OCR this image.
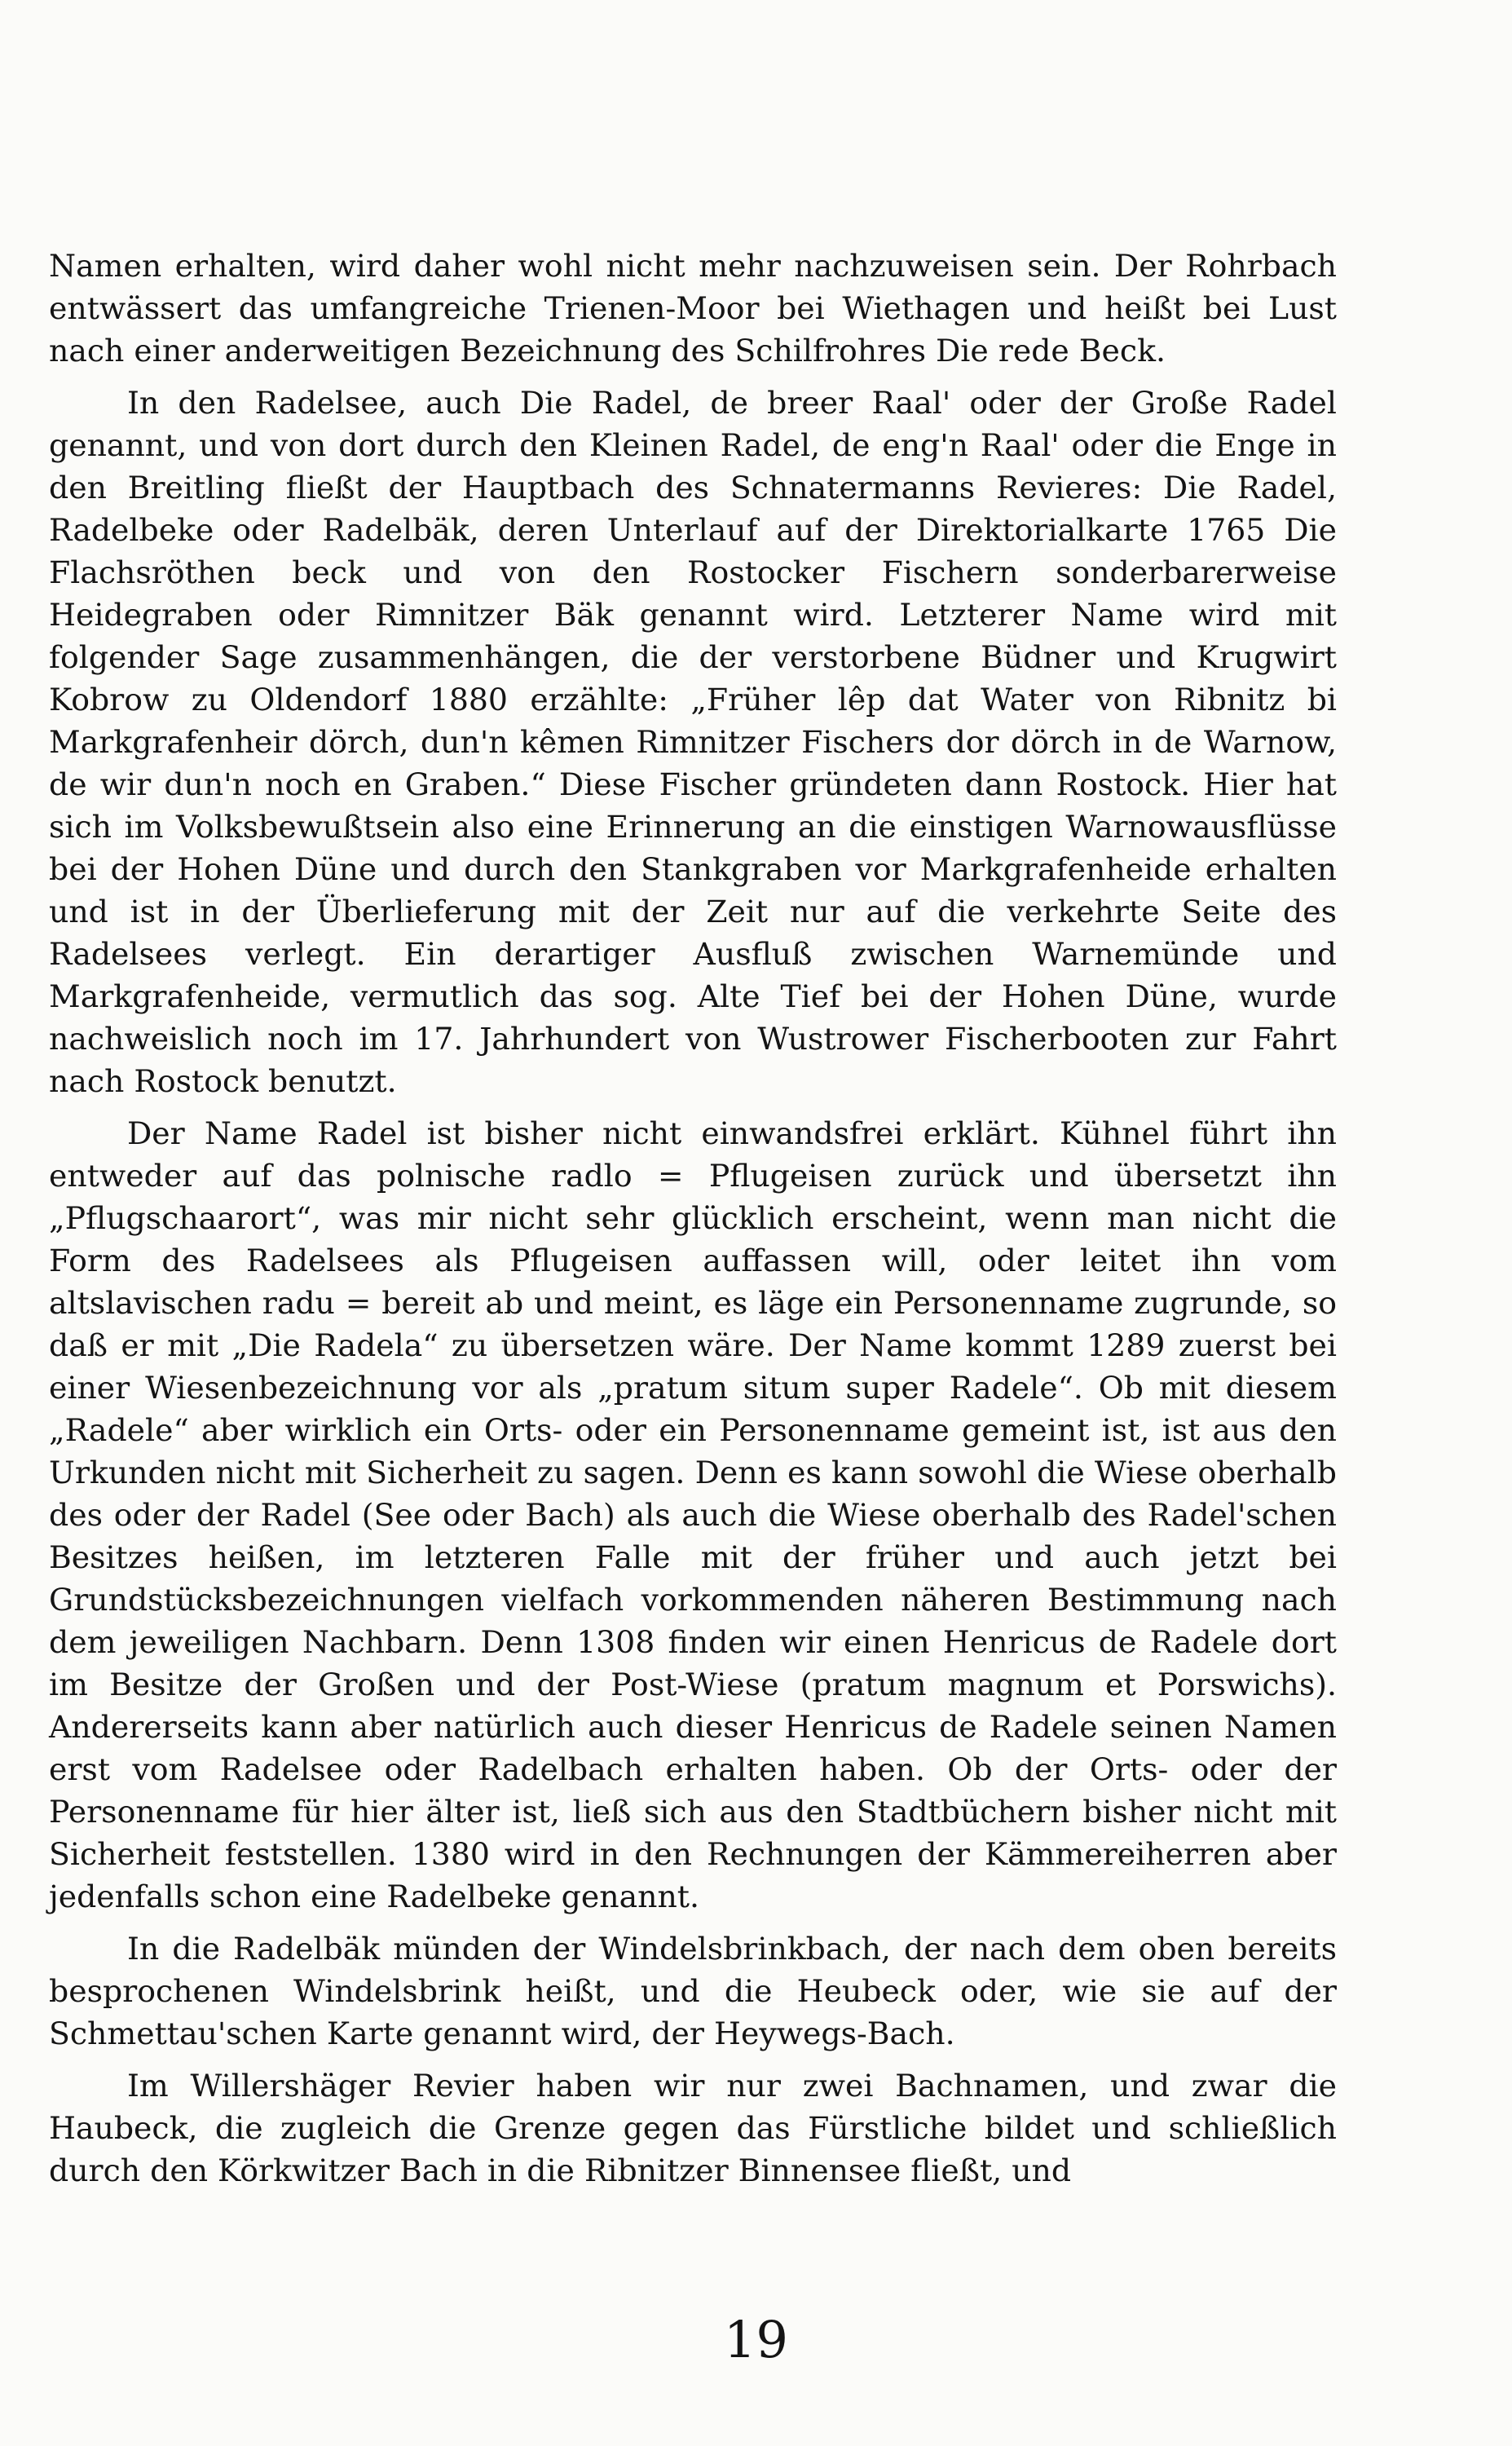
Namen erhalten, wird daher wohl nicht mehr nachzuweisen sein. Der Rohrbach entwässert das umfangreiche Trienen-Moor bei Wiethagen und heißt bei Lust nach einer anderweitigen Bezeichnung des Schilfrohres Die rede Beck.

In den Radelsee, auch Die Radel, de breer Raal' oder der Große Radel genannt, und von dort durch den Kleinen Radel, de eng'n Raal' oder die Enge in den Breitling fließt der Hauptbach des Schnatermanns Revieres: Die Radel, Radelbeke oder Radelbäk, deren Unterlauf auf der Direktorialkarte 1765 Die Flachsröthen beck und von den Rostocker Fischern sonderbarerweise Heidegraben oder Rimnitzer Bäk genannt wird. Letzterer Name wird mit folgender Sage zusammenhängen, die der verstorbene Büdner und Krugwirt Kobrow zu Oldendorf 1880 erzählte: „Früher lêp dat Water von Ribnitz bi Markgrafenheir dörch, dun'n kêmen Rimnitzer Fischers dor dörch in de Warnow, de wir dun'n noch en Graben.“ Diese Fischer gründeten dann Rostock. Hier hat sich im Volksbewußtsein also eine Erinnerung an die einstigen Warnowausflüsse bei der Hohen Düne und durch den Stankgraben vor Markgrafenheide erhalten und ist in der Überlieferung mit der Zeit nur auf die verkehrte Seite des Radelsees verlegt. Ein derartiger Ausfluß zwischen Warnemünde und Markgrafenheide, vermutlich das sog. Alte Tief bei der Hohen Düne, wurde nachweislich noch im 17. Jahrhundert von Wustrower Fischerbooten zur Fahrt nach Rostock benutzt.

Der Name Radel ist bisher nicht einwandsfrei erklärt. Kühnel führt ihn entweder auf das polnische radlo = Pflugeisen zurück und übersetzt ihn „Pflugschaarort“, was mir nicht sehr glücklich erscheint, wenn man nicht die Form des Radelsees als Pflugeisen auffassen will, oder leitet ihn vom altslavischen radu = bereit ab und meint, es läge ein Personenname zugrunde, so daß er mit „Die Radela“ zu übersetzen wäre. Der Name kommt 1289 zuerst bei einer Wiesenbezeichnung vor als „pratum situm super Radele“. Ob mit diesem „Radele“ aber wirklich ein Orts- oder ein Personenname gemeint ist, ist aus den Urkunden nicht mit Sicherheit zu sagen. Denn es kann sowohl die Wiese oberhalb des oder der Radel (See oder Bach) als auch die Wiese oberhalb des Radel'schen Besitzes heißen, im letzteren Falle mit der früher und auch jetzt bei Grundstücksbezeichnungen vielfach vorkommenden näheren Bestimmung nach dem jeweiligen Nachbarn. Denn 1308 finden wir einen Henricus de Radele dort im Besitze der Großen und der Post-Wiese (pratum magnum et Porswichs). Andererseits kann aber natürlich auch dieser Henricus de Radele seinen Namen erst vom Radelsee oder Radelbach erhalten haben. Ob der Orts- oder der Personenname für hier älter ist, ließ sich aus den Stadtbüchern bisher nicht mit Sicherheit feststellen. 1380 wird in den Rechnungen der Kämmereiherren aber jedenfalls schon eine Radelbeke genannt.

In die Radelbäk münden der Windelsbrinkbach, der nach dem oben bereits besprochenen Windelsbrink heißt, und die Heubeck oder, wie sie auf der Schmettau'schen Karte genannt wird, der Heywegs-Bach.

Im Willershäger Revier haben wir nur zwei Bachnamen, und zwar die Haubeck, die zugleich die Grenze gegen das Fürstliche bildet und schließlich durch den Körkwitzer Bach in die Ribnitzer Binnensee fließt, und

19
